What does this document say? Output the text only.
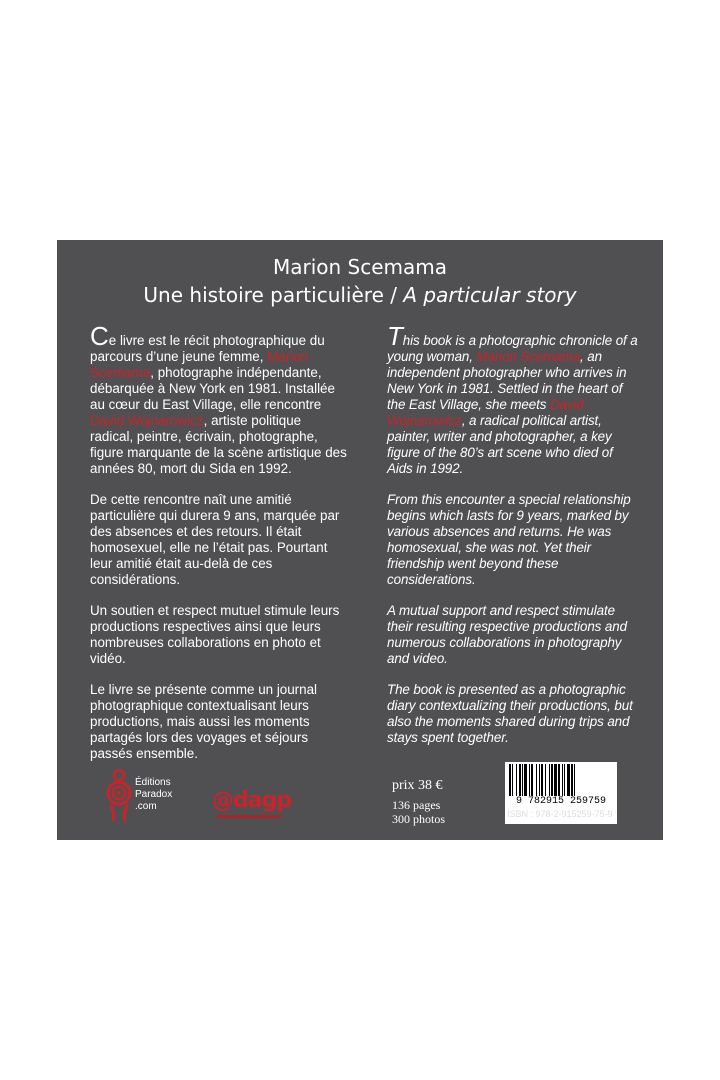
Marion Scemama
Une histoire particulière / A particular story

Ce livre est le récit photographique du parcours d’une jeune femme, Marion Scemama, photographe indépendante, débarquée à New York en 1981. Installée au cœur du East Village, elle rencontre David Wojnarowicz, artiste politique radical, peintre, écrivain, photographe, figure marquante de la scène artistique des années 80, mort du Sida en 1992.

De cette rencontre naît une amitié particulière qui durera 9 ans, marquée par des absences et des retours. Il était homosexuel, elle ne l’était pas. Pourtant leur amitié était au-delà de ces considérations.

Un soutien et respect mutuel stimule leurs productions respectives ainsi que leurs nombreuses collaborations en photo et vidéo.

Le livre se présente comme un journal photographique contextualisant leurs productions, mais aussi les moments partagés lors des voyages et séjours passés ensemble.

This book is a photographic chronicle of a young woman, Marion Scemama, an independent photographer who arrives in New York in 1981. Settled in the heart of the East Village, she meets David Wojnarowicz, a radical political artist, painter, writer and photographer, a key figure of the 80’s art scene who died of Aids in 1992.

From this encounter a special relationship begins which lasts for 9 years, marked by various absences and returns. He was homosexual, she was not. Yet their friendship went beyond these considerations.

A mutual support and respect stimulate their resulting respective productions and numerous collaborations in photography and video.

The book is presented as a photographic diary contextualizing their productions, but also the moments shared during trips and stays spent together.

Éditions
Paradox
.com	@dagp
prix 38 €
136 pages
300 photos
9 782915 259759
ISBN : 978-2-915259-75-9
